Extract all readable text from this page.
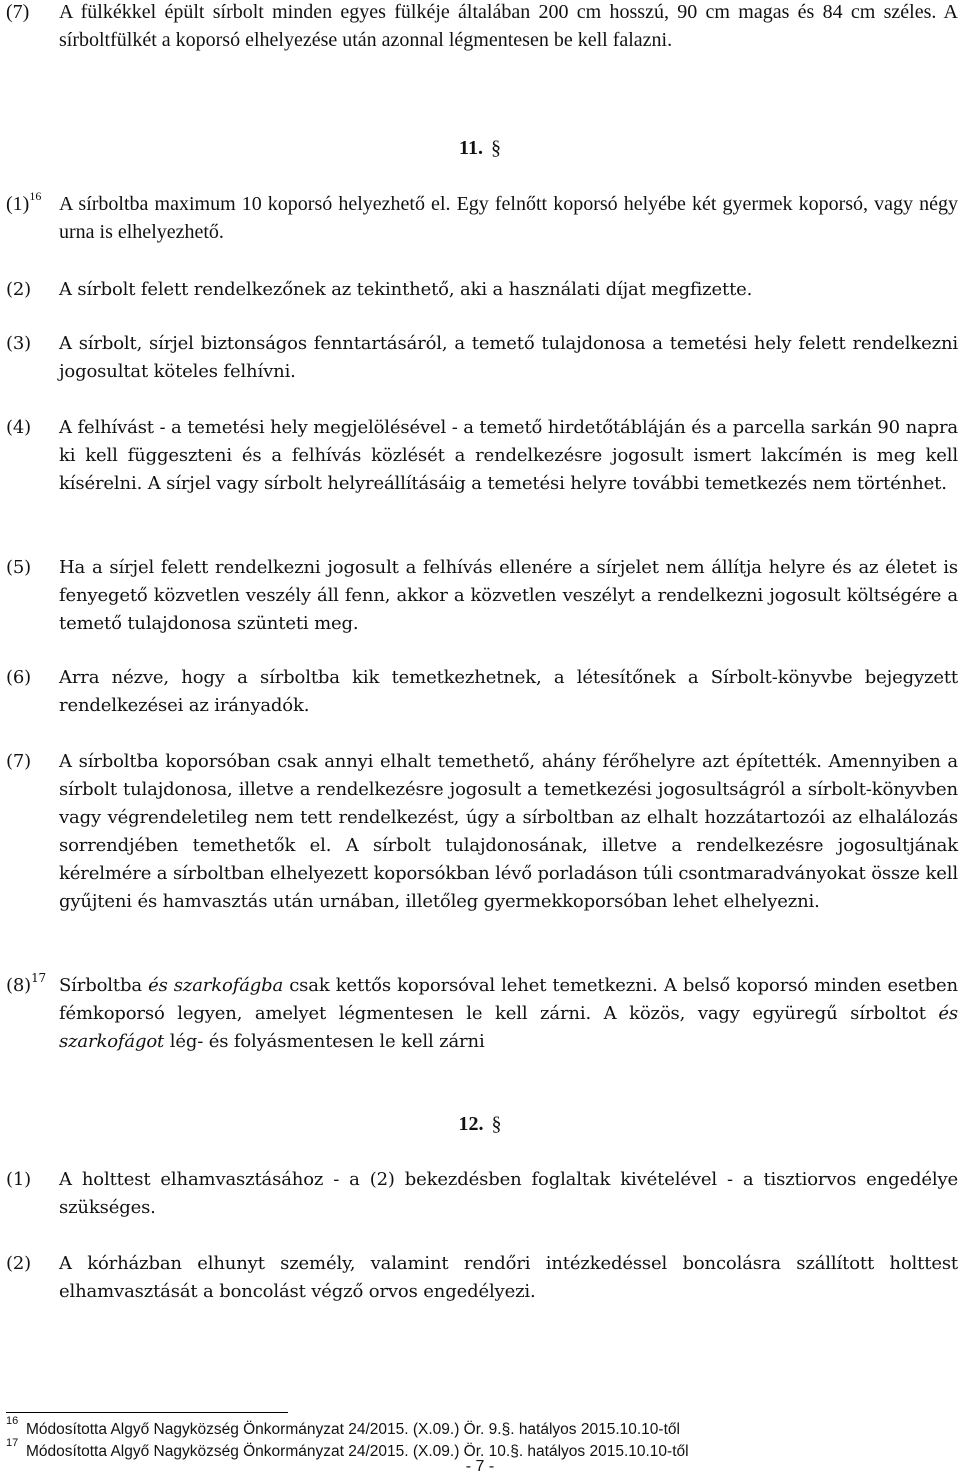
(7) A fülkékkel épült sírbolt minden egyes fülkéje általában 200 cm hosszú, 90 cm magas és 84 cm széles. A sírboltfülkét a koporsó elhelyezése után azonnal légmentesen be kell falazni.
11. §
$(1)^{16}$ A sírboltba maximum 10 koporsó helyezhető el. Egy felnőtt koporsó helyébe két gyermek koporsó, vagy négy urna is elhelyezhető.
(2) A sírbolt felett rendelkezőnek az tekinthető, aki a használati díjat megfizette.
(3) A sírbolt, sírjel biztonságos fenntartásáról, a temető tulajdonosa a temetési hely felett rendelkezni jogosultat köteles felhívni.
(4) A felhívást - a temetési hely megjelölésével - a temető hirdetőtábláján és a parcella sarkán 90 napra ki kell függeszteni és a felhívás közlését a rendelkezésre jogosult ismert lakcímén is meg kell kísérelni. A sírjel vagy sírbolt helyreállításáig a temetési helyre további temetkezés nem történhet.
(5) Ha a sírjel felett rendelkezni jogosult a felhívás ellenére a sírjelet nem állítja helyre és az életet is fenyegető közvetlen veszély áll fenn, akkor a közvetlen veszélyt a rendelkezni jogosult költségére a temető tulajdonosa szünteti meg.
(6) Arra nézve, hogy a sírboltba kik temetkezhetnek, a létesítőnek a Sírbolt-könyvbe bejegyzett rendelkezései az irányadók.
(7) A sírboltba koporsóban csak annyi elhalt temethető, ahány férőhelyre azt építették. Amennyiben a sírbolt tulajdonosa, illetve a rendelkezésre jogosult a temetkezési jogosultságról a sírbolt-könyvben vagy végrendeletileg nem tett rendelkezést, úgy a sírboltban az elhalt hozzátartozói az elhalálozás sorrendjében temethetők el. A sírbolt tulajdonosának, illetve a rendelkezésre jogosultjának kérelmére a sírboltban elhelyezett koporsókban lévő porladáson túli csontmaradványokat össze kell gyűjteni és hamvasztás után urnában, illetőleg gyermekkoporsóban lehet elhelyezni.
$(8)^{17}$ Sírboltba és szarkofágba csak kettős koporsóval lehet temetkezni. A belső koporsó minden esetben fémkoporsó legyen, amelyet légmentesen le kell zárni. A közös, vagy együregű sírboltot és szarkofágot lég- és folyásmentesen le kell zárni
12. §
(1) A holttest elhamvasztásához - a (2) bekezdésben foglaltak kivételével - a tisztiorvos engedélye szükséges.
(2) A kórházban elhunyt személy, valamint rendőri intézkedéssel boncolásra szállított holttest elhamvasztását a boncolást végző orvos engedélyezi.
$^{16}$Módosította Algyő Nagyközség Önkormányzat 24/2015. (X.09.) Ör. 9.§. hatályos 2015.10.10-től
$^{17}$Módosította Algyő Nagyközség Önkormányzat 24/2015. (X.09.) Ör. 10.§. hatályos 2015.10.10-től
- 7 -
